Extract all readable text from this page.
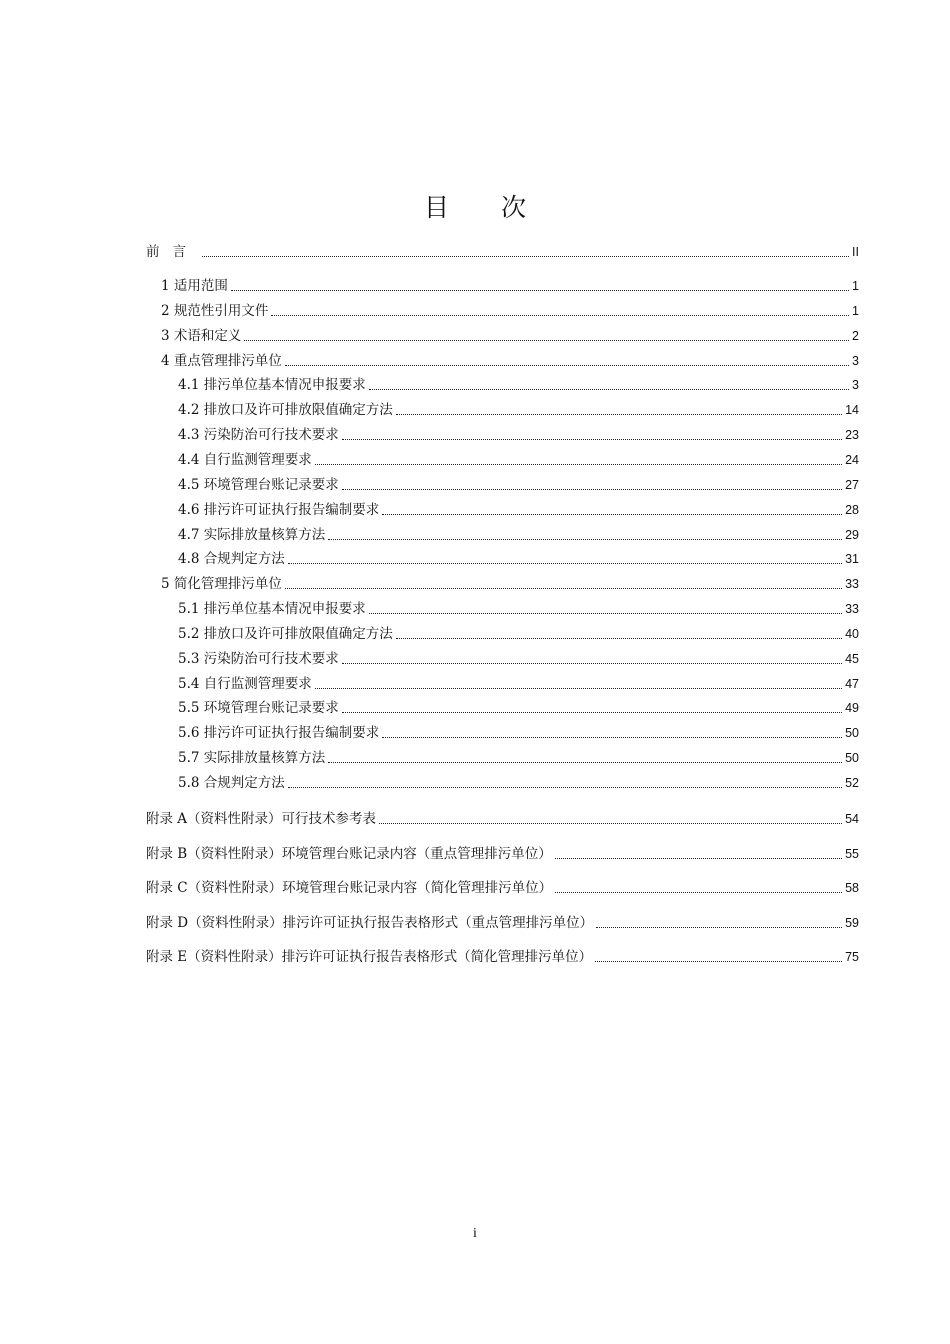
目 次
前言	II
1 适用范围	1
2 规范性引用文件	1
3 术语和定义	2
4 重点管理排污单位	3
4.1 排污单位基本情况申报要求	3
4.2 排放口及许可排放限值确定方法	14
4.3 污染防治可行技术要求	23
4.4 自行监测管理要求	24
4.5 环境管理台账记录要求	27
4.6 排污许可证执行报告编制要求	28
4.7 实际排放量核算方法	29
4.8 合规判定方法	31
5 简化管理排污单位	33
5.1 排污单位基本情况申报要求	33
5.2 排放口及许可排放限值确定方法	40
5.3 污染防治可行技术要求	45
5.4 自行监测管理要求	47
5.5 环境管理台账记录要求	49
5.6 排污许可证执行报告编制要求	50
5.7 实际排放量核算方法	50
5.8 合规判定方法	52
附录 A（资料性附录）可行技术参考表	54
附录 B（资料性附录）环境管理台账记录内容（重点管理排污单位）	55
附录 C（资料性附录）环境管理台账记录内容（简化管理排污单位）	58
附录 D（资料性附录）排污许可证执行报告表格形式（重点管理排污单位）	59
附录 E（资料性附录）排污许可证执行报告表格形式（简化管理排污单位）	75
i
